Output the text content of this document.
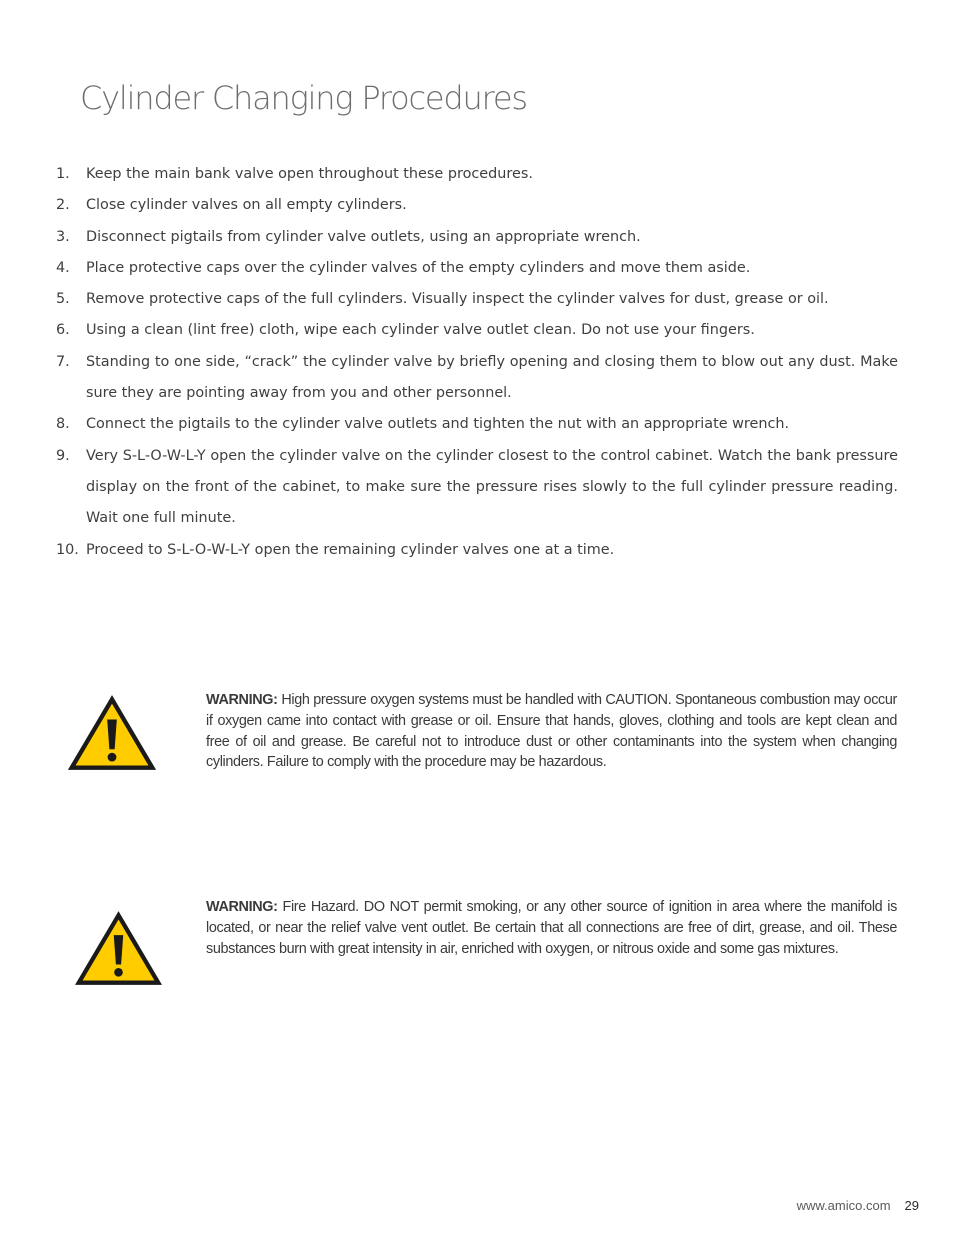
Cylinder Changing Procedures
1.	Keep the main bank valve open throughout these procedures.
2.	Close cylinder valves on all empty cylinders.
3.	Disconnect pigtails from cylinder valve outlets, using an appropriate wrench.
4.	Place protective caps over the cylinder valves of the empty cylinders and move them aside.
5.	Remove protective caps of the full cylinders. Visually inspect the cylinder valves for dust, grease or oil.
6.	Using a clean (lint free) cloth, wipe each cylinder valve outlet clean. Do not use your fingers.
7.	Standing to one side, “crack” the cylinder valve by briefly opening and closing them to blow out any dust. Make sure they are pointing away from you and other personnel.
8.	Connect the pigtails to the cylinder valve outlets and tighten the nut with an appropriate wrench.
9.	Very S-L-O-W-L-Y open the cylinder valve on the cylinder closest to the control cabinet. Watch the bank pressure display on the front of the cabinet, to make sure the pressure rises slowly to the full cylinder pressure reading. Wait one full minute.
10. Proceed to S-L-O-W-L-Y open the remaining cylinder valves one at a time.

WARNING: High pressure oxygen systems must be handled with CAUTION. Spontaneous combustion may occur if oxygen came into contact with grease or oil. Ensure that hands, gloves, clothing and tools are kept clean and free of oil and grease. Be careful not to introduce dust or other contaminants into the system when changing cylinders. Failure to comply with the procedure may be hazardous.

WARNING: Fire Hazard. DO NOT permit smoking, or any other source of ignition in area where the manifold is located, or near the relief valve vent outlet. Be certain that all connections are free of dirt, grease, and oil. These substances burn with great intensity in air, enriched with oxygen, or nitrous oxide and some gas mixtures.

www.amico.com 29
